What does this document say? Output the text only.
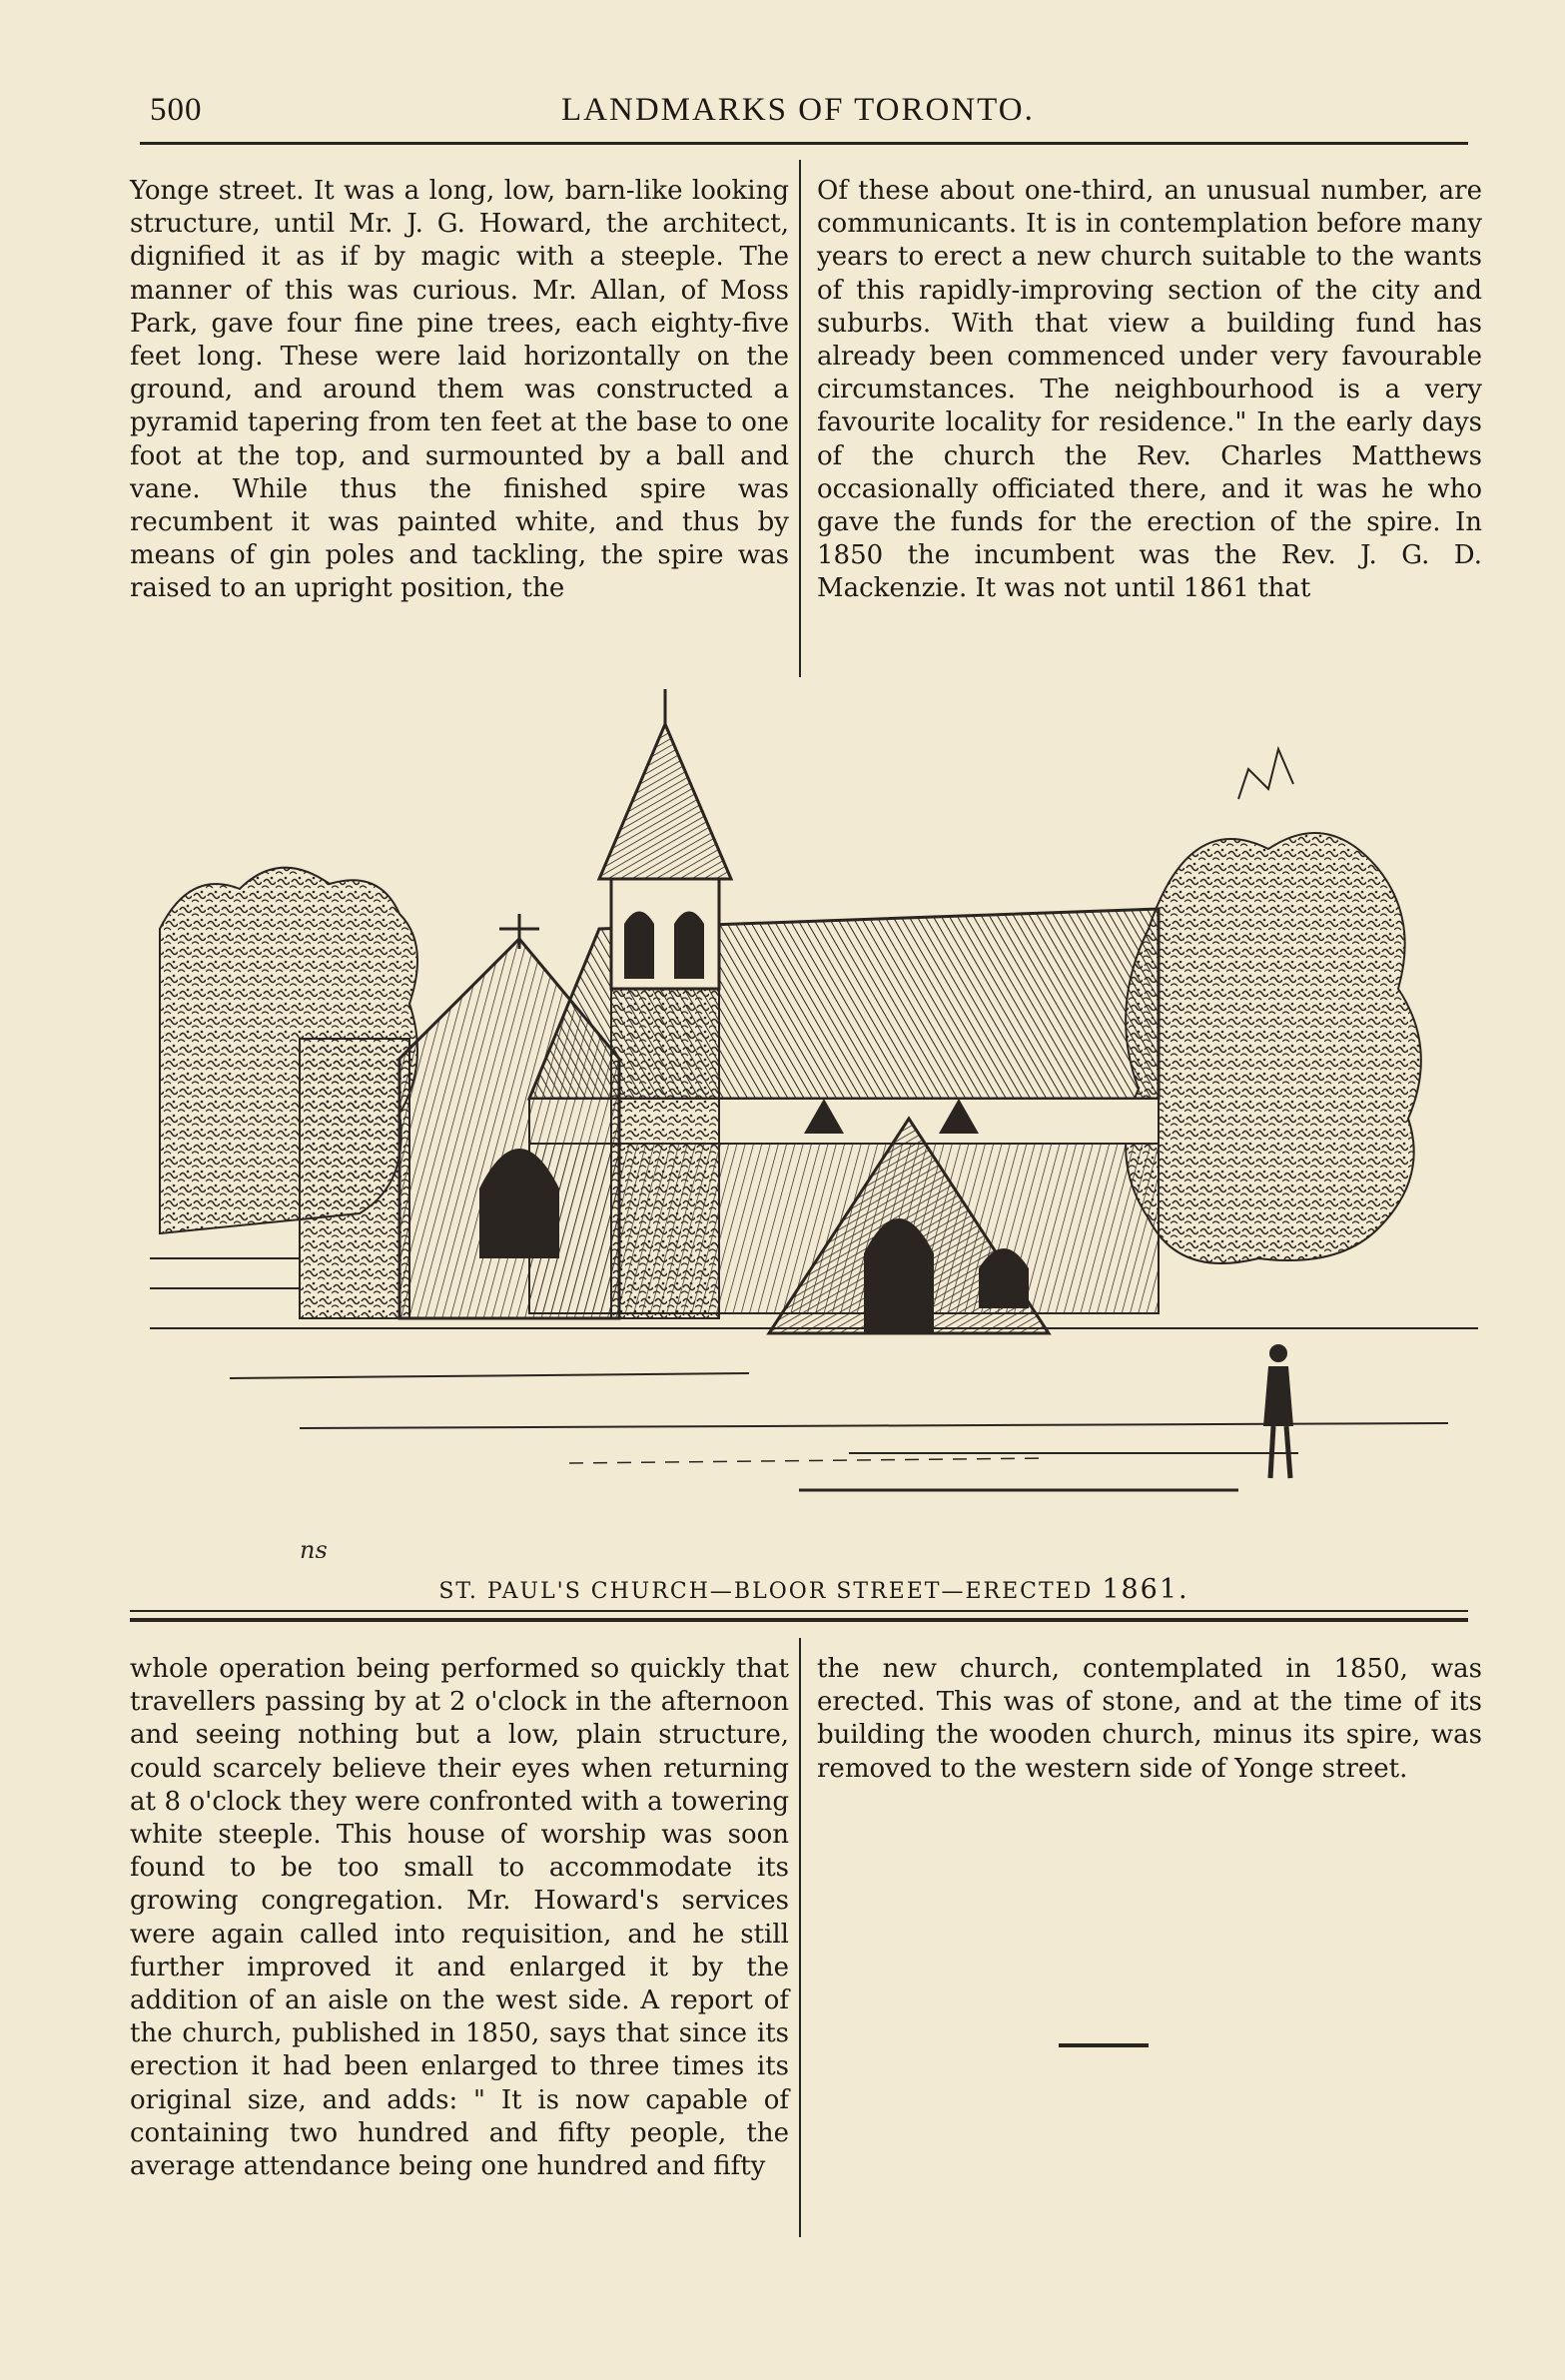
500	LANDMARKS OF TORONTO.

Yonge street. It was a long, low, barn-like looking structure, until Mr. J. G. Howard, the architect, dignified it as if by magic with a steeple. The manner of this was curious. Mr. Allan, of Moss Park, gave four fine pine trees, each eighty-five feet long. These were laid horizontally on the ground, and around them was constructed a pyramid tapering from ten feet at the base to one foot at the top, and surmounted by a ball and vane. While thus the finished spire was recumbent it was painted white, and thus by means of gin poles and tackling, the spire was raised to an upright position, the

Of these about one-third, an unusual number, are communicants. It is in contemplation before many years to erect a new church suitable to the wants of this rapidly-improving section of the city and suburbs. With that view a building fund has already been commenced under very favourable circumstances. The neighbourhood is a very favourite locality for residence." In the early days of the church the Rev. Charles Matthews occasionally officiated there, and it was he who gave the funds for the erection of the spire. In 1850 the incumbent was the Rev. J. G. D. Mackenzie. It was not until 1861 that

ns
ST. PAUL'S CHURCH—BLOOR STREET—ERECTED 1861.

whole operation being performed so quickly that travellers passing by at 2 o'clock in the afternoon and seeing nothing but a low, plain structure, could scarcely believe their eyes when returning at 8 o'clock they were confronted with a towering white steeple. This house of worship was soon found to be too small to accommodate its growing congregation. Mr. Howard's services were again called into requisition, and he still further improved it and enlarged it by the addition of an aisle on the west side. A report of the church, published in 1850, says that since its erection it had been enlarged to three times its original size, and adds: " It is now capable of containing two hundred and fifty people, the average attendance being one hundred and fifty

the new church, contemplated in 1850, was erected. This was of stone, and at the time of its building the wooden church, minus its spire, was removed to the western side of Yonge street.
